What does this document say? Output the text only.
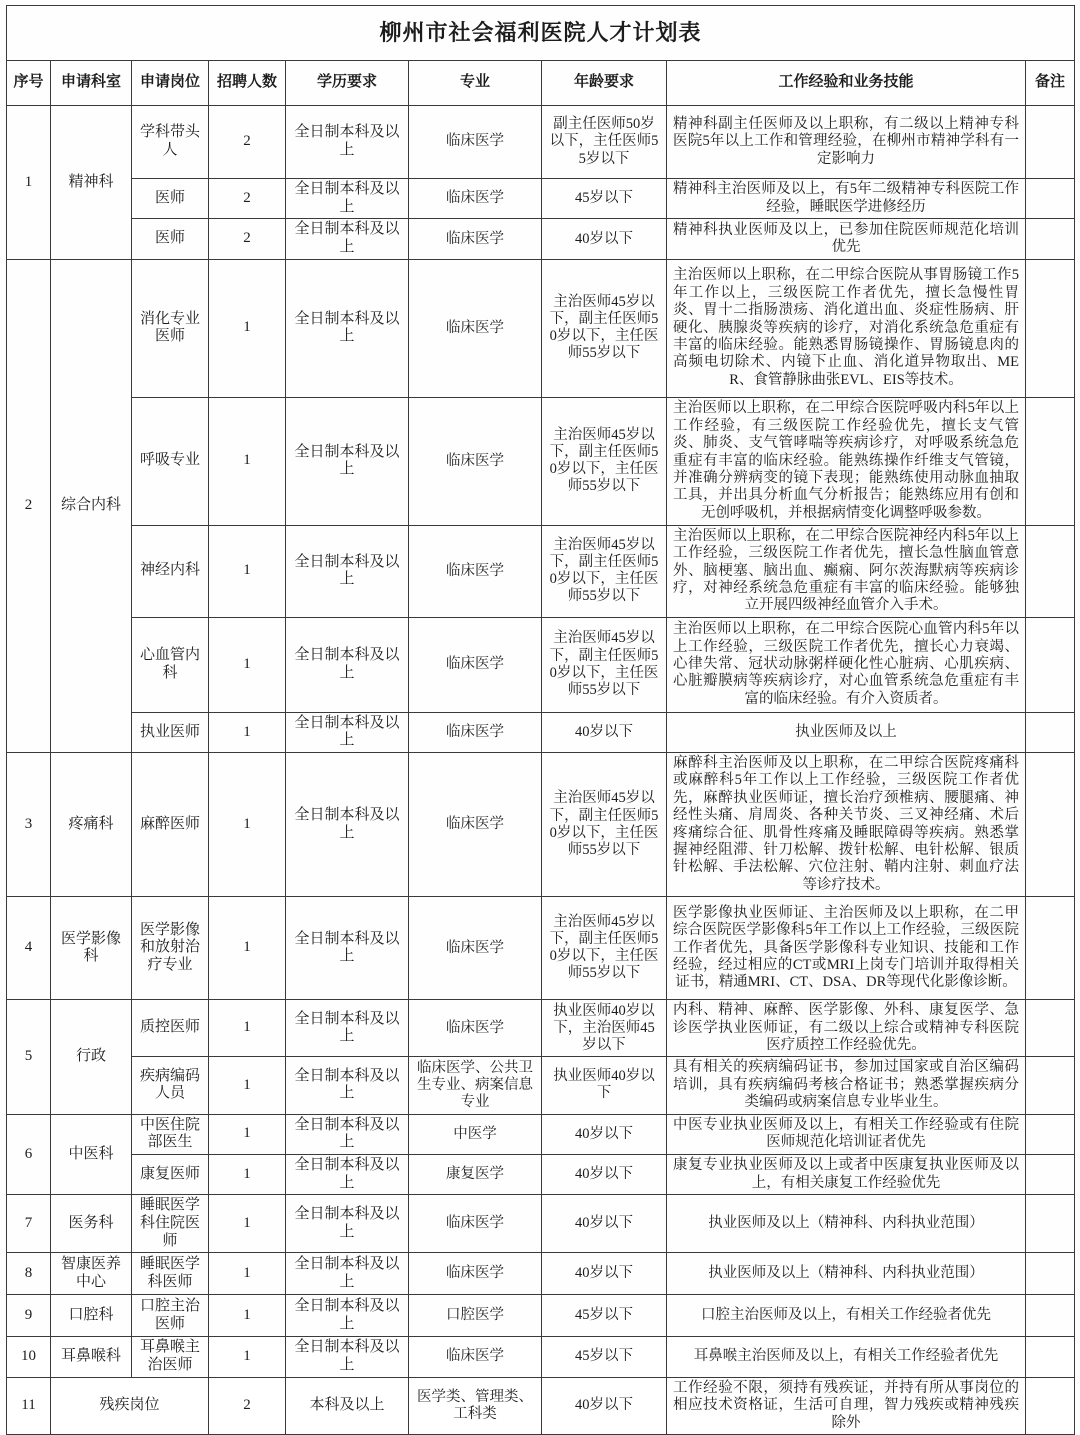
柳州市社会福利医院人才计划表								
序号	申请科室	申请岗位	招聘人数	学历要求	专业	年龄要求	工作经验和业务技能	备注
1	精神科	学科带头人	2	全日制本科及以上	临床医学	副主任医师50岁以下，主任医师55岁以下	精神科副主任医师及以上职称，有二级以上精神专科医院5年以上工作和管理经验，在柳州市精神学科有一定影响力	
		医师	2	全日制本科及以上	临床医学	45岁以下	精神科主治医师及以上，有5年二级精神专科医院工作经验，睡眠医学进修经历	
		医师	2	全日制本科及以上	临床医学	40岁以下	精神科执业医师及以上，已参加住院医师规范化培训优先	
2	综合内科	消化专业医师	1	全日制本科及以上	临床医学	主治医师45岁以下，副主任医师50岁以下，主任医师55岁以下	主治医师以上职称，在二甲综合医院从事胃肠镜工作5年工作以上，三级医院工作者优先，擅长急慢性胃炎、胃十二指肠溃疡、消化道出血、炎症性肠病、肝硬化、胰腺炎等疾病的诊疗，对消化系统急危重症有丰富的临床经验。能熟悉胃肠镜操作、胃肠镜息肉的高频电切除术、内镜下止血、消化道异物取出、MER、食管静脉曲张EVL、EIS等技术。	
		呼吸专业	1	全日制本科及以上	临床医学	主治医师45岁以下，副主任医师50岁以下，主任医师55岁以下	主治医师以上职称，在二甲综合医院呼吸内科5年以上工作经验，有三级医院工作经验优先，擅长支气管炎、肺炎、支气管哮喘等疾病诊疗，对呼吸系统急危重症有丰富的临床经验。能熟练操作纤维支气管镜，并准确分辨病变的镜下表现；能熟练使用动脉血抽取工具，并出具分析血气分析报告；能熟练应用有创和无创呼吸机，并根据病情变化调整呼吸参数。	
		神经内科	1	全日制本科及以上	临床医学	主治医师45岁以下，副主任医师50岁以下，主任医师55岁以下	主治医师以上职称，在二甲综合医院神经内科5年以上工作经验，三级医院工作者优先，擅长急性脑血管意外、脑梗塞、脑出血、癫痫、阿尔茨海默病等疾病诊疗，对神经系统急危重症有丰富的临床经验。能够独立开展四级神经血管介入手术。	
		心血管内科	1	全日制本科及以上	临床医学	主治医师45岁以下，副主任医师50岁以下，主任医师55岁以下	主治医师以上职称，在二甲综合医院心血管内科5年以上工作经验，三级医院工作者优先，擅长心力衰竭、心律失常、冠状动脉粥样硬化性心脏病、心肌疾病、心脏瓣膜病等疾病诊疗，对心血管系统急危重症有丰富的临床经验。有介入资质者。	
		执业医师	1	全日制本科及以上	临床医学	40岁以下	执业医师及以上	
3	疼痛科	麻醉医师	1	全日制本科及以上	临床医学	主治医师45岁以下，副主任医师50岁以下，主任医师55岁以下	麻醉科主治医师及以上职称，在二甲综合医院疼痛科或麻醉科5年工作以上工作经验，三级医院工作者优先，麻醉执业医师证，擅长治疗颈椎病、腰腿痛、神经性头痛、肩周炎、各种关节炎、三叉神经痛、术后疼痛综合征、肌骨性疼痛及睡眠障碍等疾病。熟悉掌握神经阻滞、针刀松解、拨针松解、电针松解、银质针松解、手法松解、穴位注射、鞘内注射、刺血疗法等诊疗技术。	
4	医学影像科	医学影像和放射治疗专业	1	全日制本科及以上	临床医学	主治医师45岁以下，副主任医师50岁以下，主任医师55岁以下	医学影像执业医师证、主治医师及以上职称，在二甲综合医院医学影像科5年工作以上工作经验，三级医院工作者优先，具备医学影像科专业知识、技能和工作经验，经过相应的CT或MRI上岗专门培训并取得相关证书，精通MRI、CT、DSA、DR等现代化影像诊断。	
5	行政	质控医师	1	全日制本科及以上	临床医学	执业医师40岁以下，主治医师45岁以下	内科、精神、麻醉、医学影像、外科、康复医学、急诊医学执业医师证，有二级以上综合或精神专科医院医疗质控工作经验优先。	
		疾病编码人员	1	全日制本科及以上	临床医学、公共卫生专业、病案信息专业	执业医师40岁以下	具有相关的疾病编码证书，参加过国家或自治区编码培训，具有疾病编码考核合格证书；熟悉掌握疾病分类编码或病案信息专业毕业生。	
6	中医科	中医住院部医生	1	全日制本科及以上	中医学	40岁以下	中医专业执业医师及以上，有相关工作经验或有住院医师规范化培训证者优先	
		康复医师	1	全日制本科及以上	康复医学	40岁以下	康复专业执业医师及以上或者中医康复执业医师及以上，有相关康复工作经验优先	
7	医务科	睡眠医学科住院医师	1	全日制本科及以上	临床医学	40岁以下	执业医师及以上（精神科、内科执业范围）	
8	智康医养中心	睡眠医学科医师	1	全日制本科及以上	临床医学	40岁以下	执业医师及以上（精神科、内科执业范围）	
9	口腔科	口腔主治医师	1	全日制本科及以上	口腔医学	45岁以下	口腔主治医师及以上，有相关工作经验者优先	
10	耳鼻喉科	耳鼻喉主治医师	1	全日制本科及以上	临床医学	45岁以下	耳鼻喉主治医师及以上，有相关工作经验者优先	
11	残疾岗位		2	本科及以上	医学类、管理类、工科类	40岁以下	工作经验不限，须持有残疾证，并持有所从事岗位的相应技术资格证，生活可自理，智力残疾或精神残疾除外	
